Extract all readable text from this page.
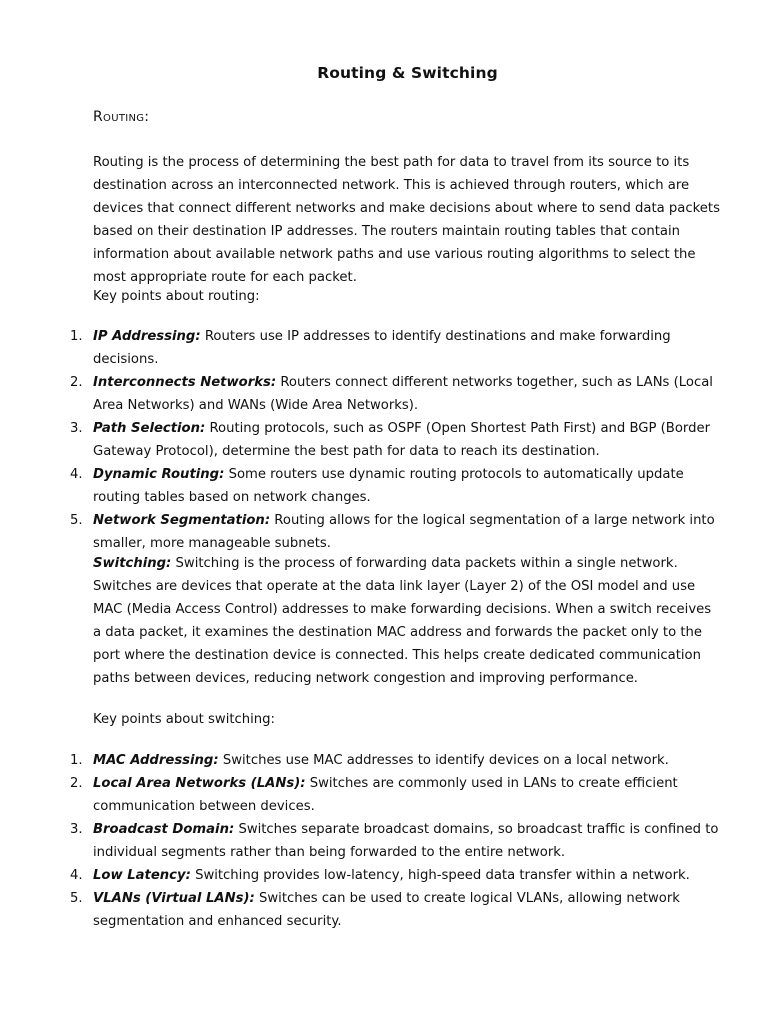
Routing & Switching
Routing:

Routing is the process of determining the best path for data to travel from its source to its destination across an interconnected network. This is achieved through routers, which are devices that connect different networks and make decisions about where to send data packets based on their destination IP addresses. The routers maintain routing tables that contain information about available network paths and use various routing algorithms to select the most appropriate route for each packet.

Key points about routing:
1. IP Addressing: Routers use IP addresses to identify destinations and make forwarding decisions.
2. Interconnects Networks: Routers connect different networks together, such as LANs (Local Area Networks) and WANs (Wide Area Networks).
3. Path Selection: Routing protocols, such as OSPF (Open Shortest Path First) and BGP (Border Gateway Protocol), determine the best path for data to reach its destination.
4. Dynamic Routing: Some routers use dynamic routing protocols to automatically update routing tables based on network changes.
5. Network Segmentation: Routing allows for the logical segmentation of a large network into smaller, more manageable subnets.

Switching: Switching is the process of forwarding data packets within a single network. Switches are devices that operate at the data link layer (Layer 2) of the OSI model and use MAC (Media Access Control) addresses to make forwarding decisions. When a switch receives a data packet, it examines the destination MAC address and forwards the packet only to the port where the destination device is connected. This helps create dedicated communication paths between devices, reducing network congestion and improving performance.

Key points about switching:
1. MAC Addressing: Switches use MAC addresses to identify devices on a local network.
2. Local Area Networks (LANs): Switches are commonly used in LANs to create efficient communication between devices.
3. Broadcast Domain: Switches separate broadcast domains, so broadcast traffic is confined to individual segments rather than being forwarded to the entire network.
4. Low Latency: Switching provides low-latency, high-speed data transfer within a network.
5. VLANs (Virtual LANs): Switches can be used to create logical VLANs, allowing network segmentation and enhanced security.
